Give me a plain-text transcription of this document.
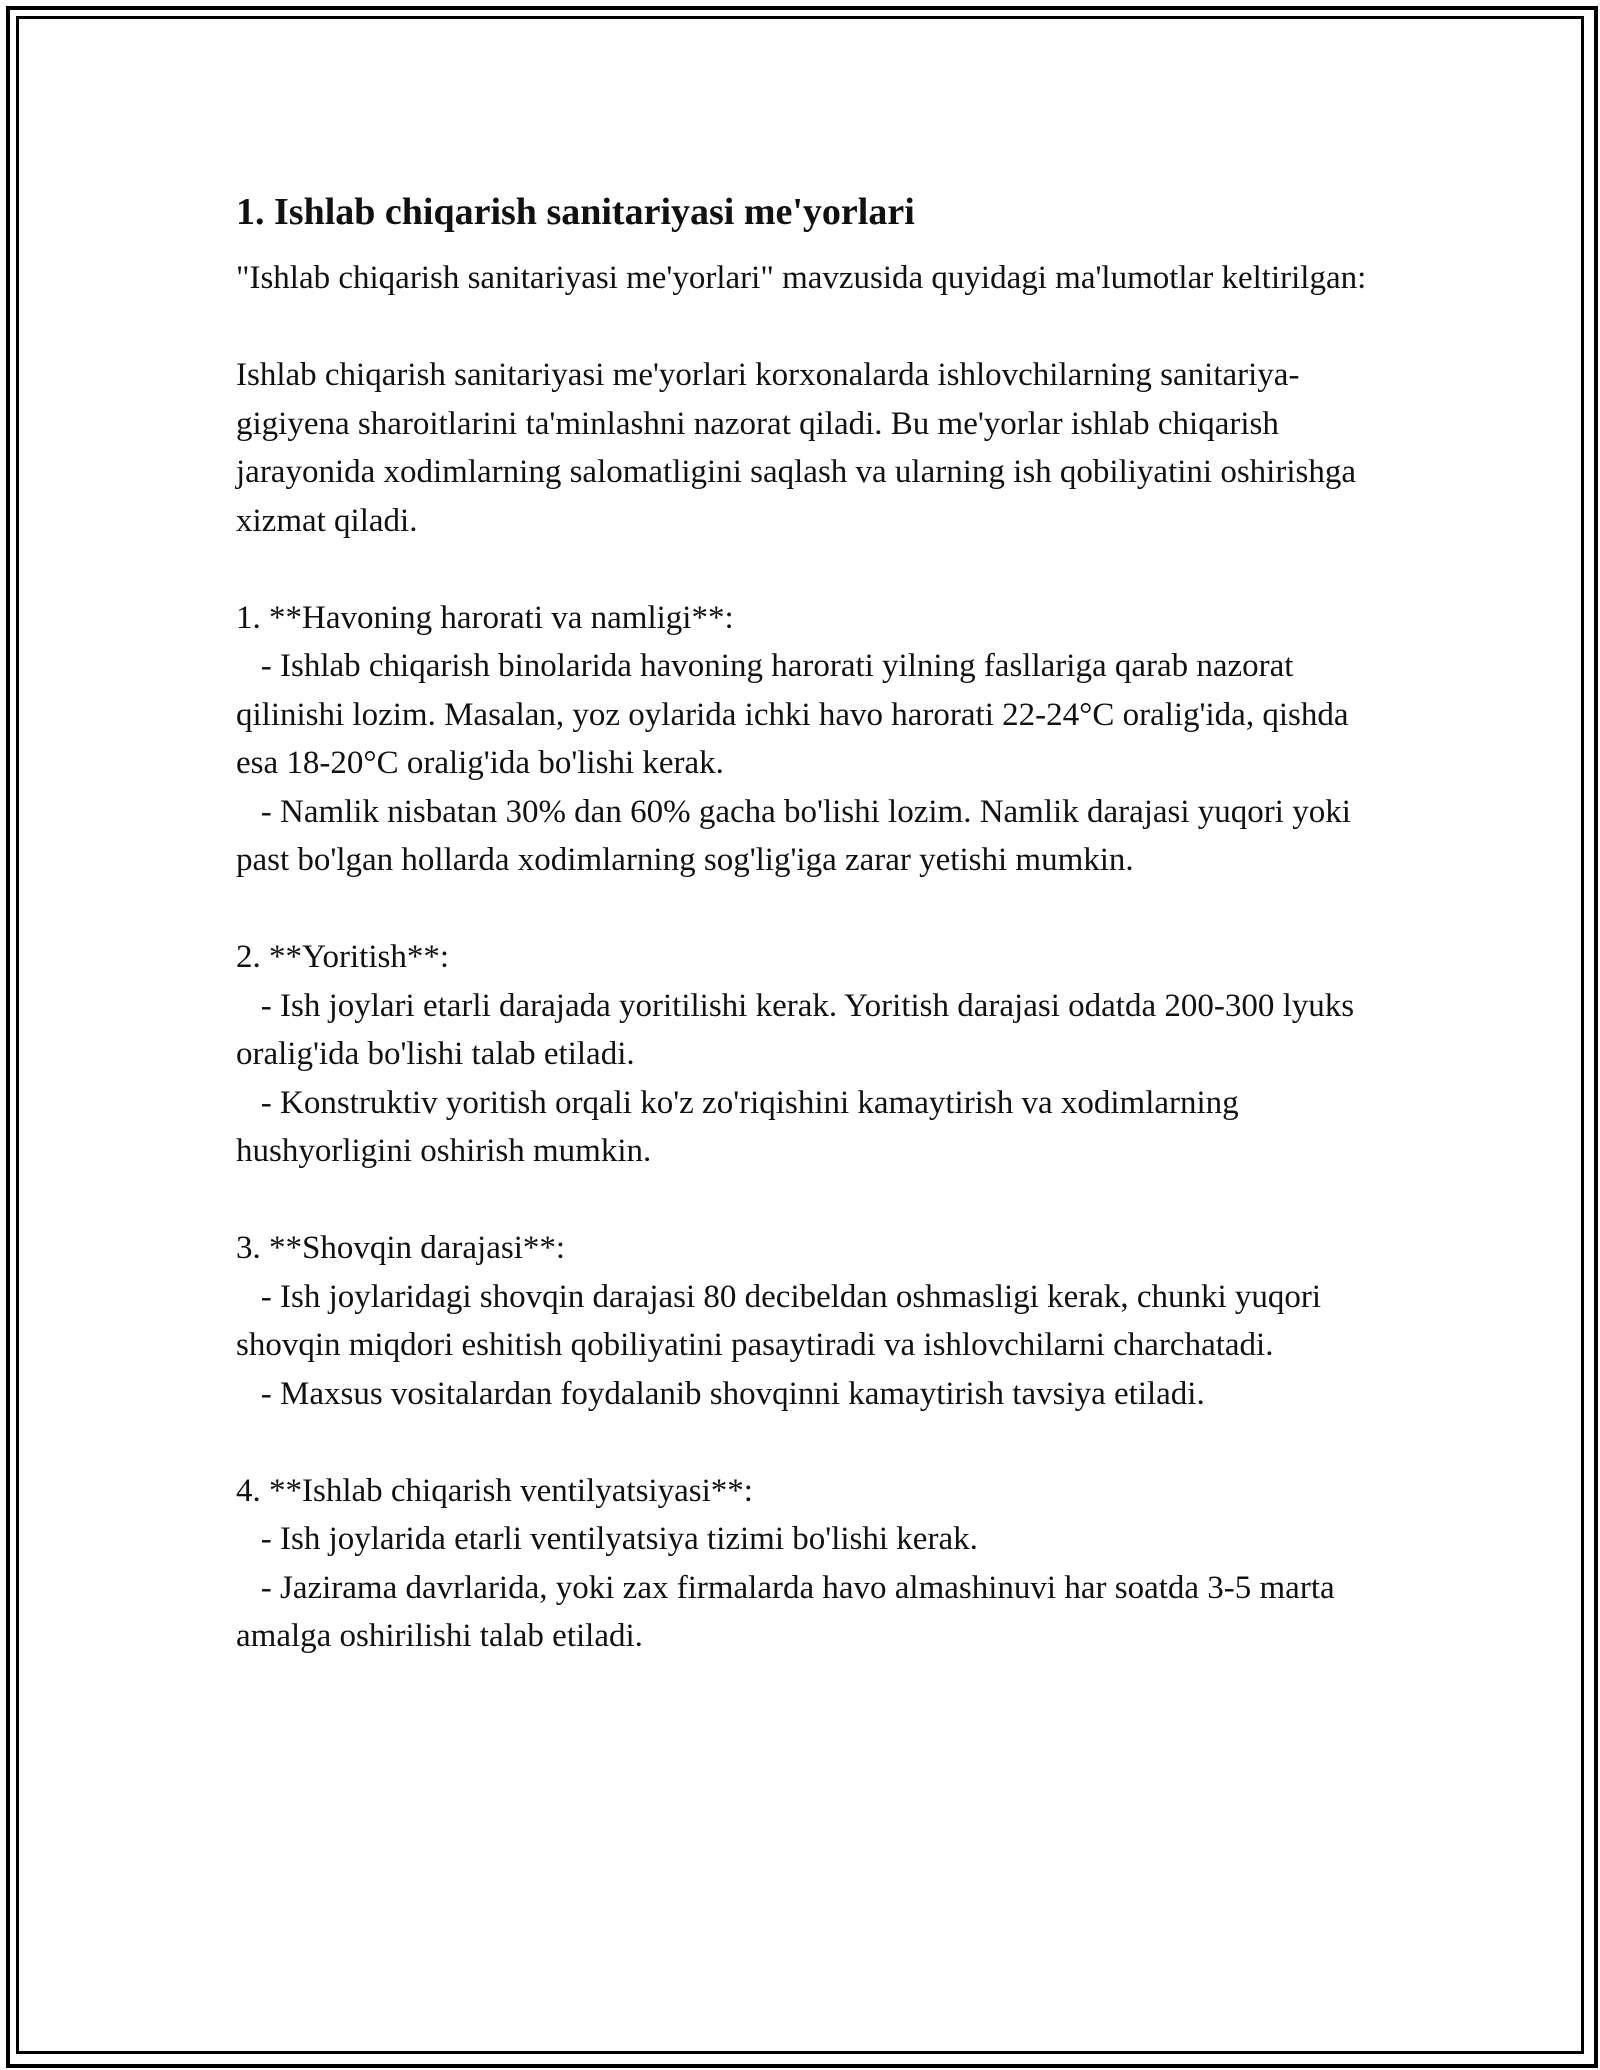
1. Ishlab chiqarish sanitariyasi me'yorlari

"Ishlab chiqarish sanitariyasi me'yorlari" mavzusida quyidagi ma'lumotlar keltirilgan:

Ishlab chiqarish sanitariyasi me'yorlari korxonalarda ishlovchilarning sanitariya-gigiyena sharoitlarini ta'minlashni nazorat qiladi. Bu me'yorlar ishlab chiqarish jarayonida xodimlarning salomatligini saqlash va ularning ish qobiliyatini oshirishga xizmat qiladi.

1. **Havoning harorati va namligi**:

- Ishlab chiqarish binolarida havoning harorati yilning fasllariga qarab nazorat qilinishi lozim. Masalan, yoz oylarida ichki havo harorati 22-24°C oralig'ida, qishda esa 18-20°C oralig'ida bo'lishi kerak.

- Namlik nisbatan 30% dan 60% gacha bo'lishi lozim. Namlik darajasi yuqori yoki past bo'lgan hollarda xodimlarning sog'lig'iga zarar yetishi mumkin.

2. **Yoritish**:

- Ish joylari etarli darajada yoritilishi kerak. Yoritish darajasi odatda 200-300 lyuks oralig'ida bo'lishi talab etiladi.

- Konstruktiv yoritish orqali ko'z zo'riqishini kamaytirish va xodimlarning hushyorligini oshirish mumkin.

3. **Shovqin darajasi**:

- Ish joylaridagi shovqin darajasi 80 decibeldan oshmasligi kerak, chunki yuqori shovqin miqdori eshitish qobiliyatini pasaytiradi va ishlovchilarni charchatadi.

- Maxsus vositalardan foydalanib shovqinni kamaytirish tavsiya etiladi.

4. **Ishlab chiqarish ventilyatsiyasi**:

- Ish joylarida etarli ventilyatsiya tizimi bo'lishi kerak.

- Jazirama davrlarida, yoki zax firmalarda havo almashinuvi har soatda 3-5 marta amalga oshirilishi talab etiladi.
